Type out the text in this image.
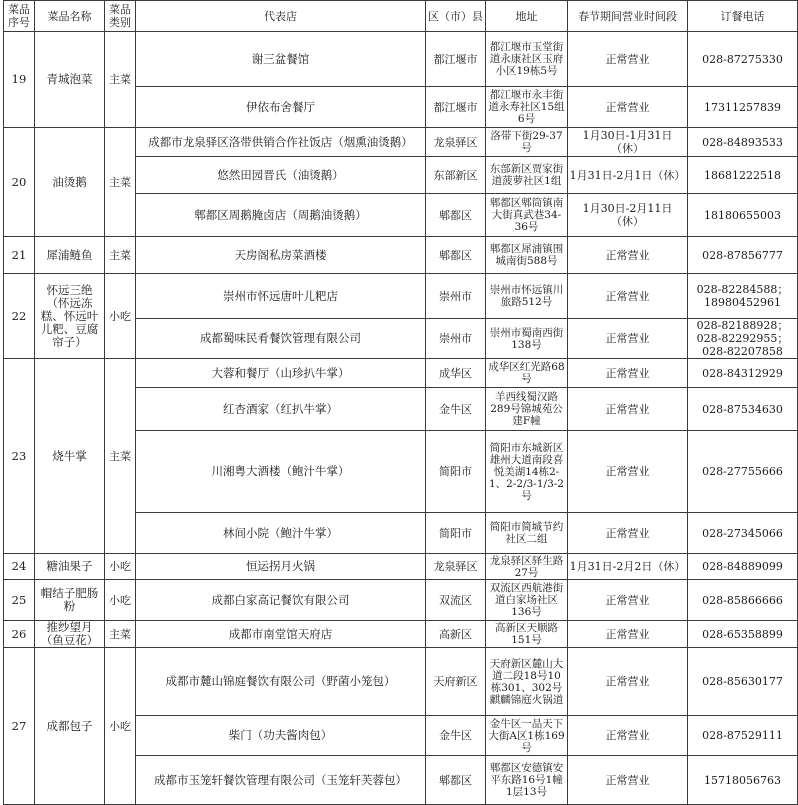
菜品序号	菜品名称	菜品类别	代表店	区（市）县	地址	春节期间营业时间段	订餐电话
19	青城泡菜	主菜	谢三盆餐馆	都江堰市	都江堰市玉堂街道永康社区玉府小区19栋5号	正常营业	028-87275330
			伊依布舍餐厅	都江堰市	都江堰市永丰街道永寿社区15组6号	正常营业	17311257839
20	油烫鹅	主菜	成都市龙泉驿区洛带供销合作社饭店（烟熏油烫鹅）	龙泉驿区	洛带下街29-37号	1月30日-1月31日（休）	028-84893533
			悠然田园晋氏（油烫鹅）	东部新区	东部新区贾家街道菠萝社区1组	1月31日-2月1日（休）	18681222518
			郫都区周鹅腌卤店（周鹅油烫鹅）	郫都区	郫都区郫筒镇南大街真武巷34-36号	1月30日-2月11日（休）	18180655003
21	犀浦鲢鱼	主菜	天房阁私房菜酒楼	郫都区	郫都区犀浦镇围城南街588号	正常营业	028-87856777
22	怀远三绝（怀远冻糕、怀远叶儿粑、豆腐帘子）	小吃	崇州市怀远唐叶儿粑店	崇州市	崇州市怀远镇川旅路512号	正常营业	028-82284588；18980452961
			成都蜀味民肴餐饮管理有限公司	崇州市	崇州市蜀南西街138号	正常营业	028-82188928；028-82292955；028-82207858
23	烧牛掌	主菜	大蓉和餐厅（山珍扒牛掌）	成华区	成华区红光路68号	正常营业	028-84312929
			红杏酒家（红扒牛掌）	金牛区	羊西线蜀汉路289号锦城苑公建F幢	正常营业	028-87534630
			川湘粤大酒楼（鲍汁牛掌）	简阳市	简阳市东城新区雄州大道南段喜悦美湖14栋2-1、2-2/3-1/3-2号	正常营业	028-27755666
			林间小院（鲍汁牛掌）	简阳市	简阳市简城节约社区二组	正常营业	028-27345066
24	糖油果子	小吃	恒运拐月火锅	龙泉驿区	龙泉驿区驿生路27号	1月31日-2月2日（休）	028-84889099
25	帽结子肥肠粉	小吃	成都白家高记餐饮有限公司	双流区	双流区西航港街道白家场社区136号	正常营业	028-85866666
26	推纱望月（鱼豆花）	主菜	成都市南堂馆天府店	高新区	高新区天顺路151号	正常营业	028-65358899
27	成都包子	小吃	成都市麓山锦庭餐饮有限公司（野菌小笼包）	天府新区	天府新区麓山大道二段18号10栋301、302号麒麟锦庭火锅道	正常营业	028-85630177
			柴门（功夫酱肉包）	金牛区	金牛区一品天下大街A区1栋169号	正常营业	028-87529111
			成都市玉笼轩餐饮管理有限公司（玉笼轩芙蓉包）	郫都区	郫都区安德镇安平东路16号1幢1层13号	正常营业	15718056763
